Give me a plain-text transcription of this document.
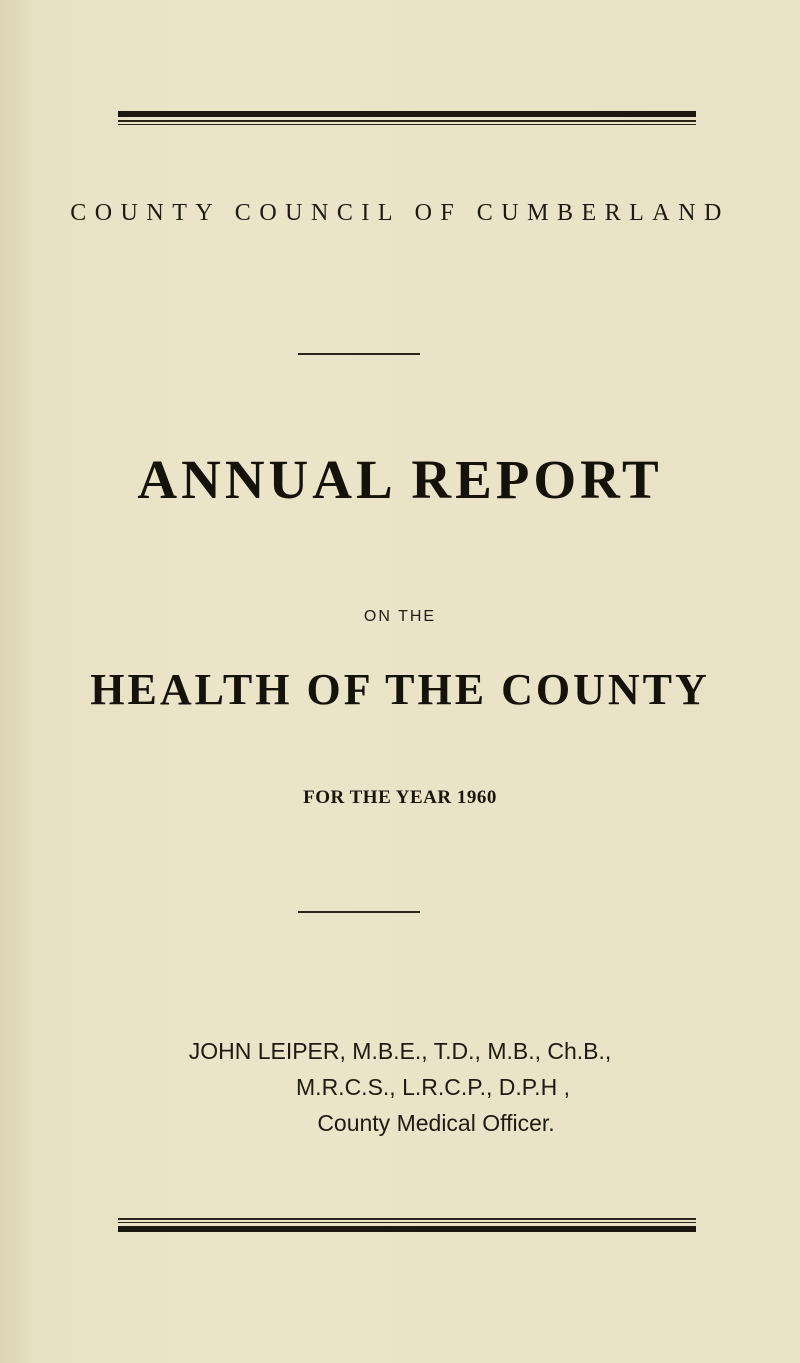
COUNTY COUNCIL OF CUMBERLAND
ANNUAL REPORT
ON THE
HEALTH OF THE COUNTY
FOR THE YEAR 1960
JOHN LEIPER, M.B.E., T.D., M.B., Ch.B.,
M.R.C.S., L.R.C.P., D.P.H ,
County Medical Officer.
